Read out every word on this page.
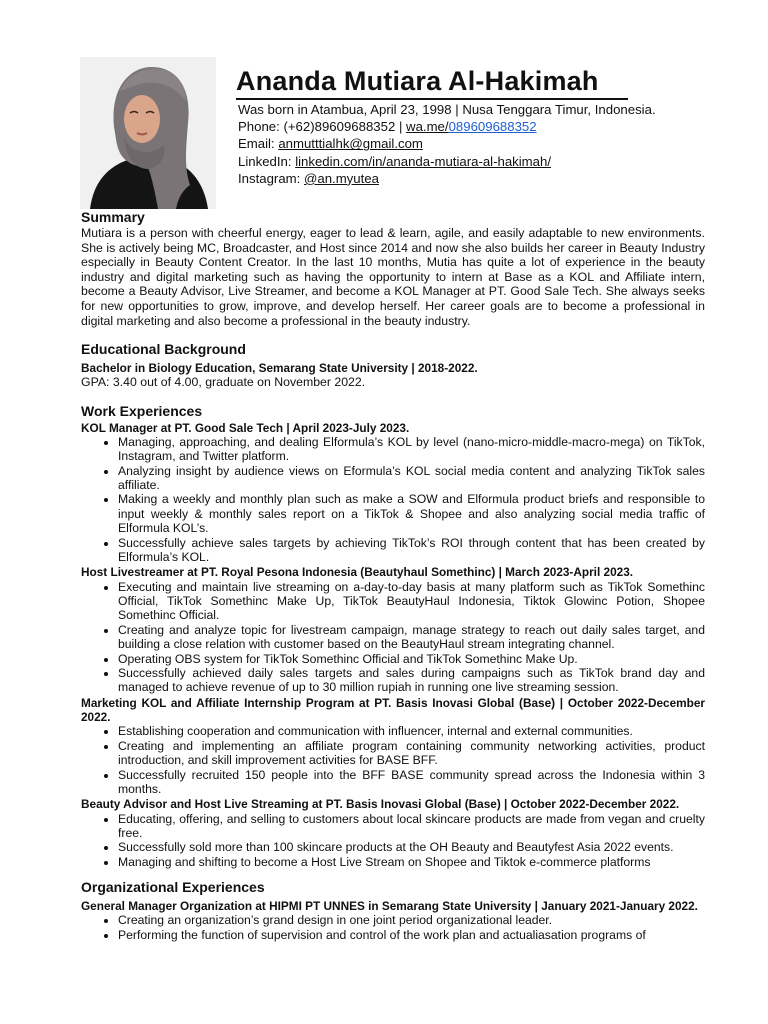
Ananda Mutiara Al-Hakimah
Was born in Atambua, April 23, 1998 | Nusa Tenggara Timur, Indonesia.
Phone: (+62)89609688352 | wa.me/089609688352
Email: anmutttialhk@gmail.com
LinkedIn: linkedin.com/in/ananda-mutiara-al-hakimah/
Instagram: @an.myutea
Summary

Mutiara is a person with cheerful energy, eager to lead & learn, agile, and easily adaptable to new environments. She is actively being MC, Broadcaster, and Host since 2014 and now she also builds her career in Beauty Industry especially in Beauty Content Creator. In the last 10 months, Mutia has quite a lot of experience in the beauty industry and digital marketing such as having the opportunity to intern at Base as a KOL and Affiliate intern, become a Beauty Advisor, Live Streamer, and become a KOL Manager at PT. Good Sale Tech. She always seeks for new opportunities to grow, improve, and develop herself. Her career goals are to become a professional in digital marketing and also become a professional in the beauty industry.

Educational Background
Bachelor in Biology Education, Semarang State University | 2018-2022.
GPA: 3.40 out of 4.00, graduate on November 2022.
Work Experiences
KOL Manager at PT. Good Sale Tech | April 2023-July 2023.
• Managing, approaching, and dealing Elformula’s KOL by level (nano-micro-middle-macro-mega) on TikTok, Instagram, and Twitter platform.
• Analyzing insight by audience views on Eformula’s KOL social media content and analyzing TikTok sales affiliate.
• Making a weekly and monthly plan such as make a SOW and Elformula product briefs and responsible to input weekly & monthly sales report on a TikTok & Shopee and also analyzing social media traffic of Elformula KOL’s.
• Successfully achieve sales targets by achieving TikTok’s ROI through content that has been created by Elformula’s KOL.
Host Livestreamer at PT. Royal Pesona Indonesia (Beautyhaul Somethinc) | March 2023-April 2023.
• Executing and maintain live streaming on a-day-to-day basis at many platform such as TikTok Somethinc Official, TikTok Somethinc Make Up, TikTok BeautyHaul Indonesia, Tiktok Glowinc Potion, Shopee Somethinc Official.
• Creating and analyze topic for livestream campaign, manage strategy to reach out daily sales target, and building a close relation with customer based on the BeautyHaul stream integrating channel.
• Operating OBS system for TikTok Somethinc Official and TikTok Somethinc Make Up.
• Successfully achieved daily sales targets and sales during campaigns such as TikTok brand day and managed to achieve revenue of up to 30 million rupiah in running one live streaming session.
Marketing KOL and Affiliate Internship Program at PT. Basis Inovasi Global (Base) | October 2022-December 2022.
• Establishing cooperation and communication with influencer, internal and external communities.
• Creating and implementing an affiliate program containing community networking activities, product introduction, and skill improvement activities for BASE BFF.
• Successfully recruited 150 people into the BFF BASE community spread across the Indonesia within 3 months.
Beauty Advisor and Host Live Streaming at PT. Basis Inovasi Global (Base) | October 2022-December 2022.
• Educating, offering, and selling to customers about local skincare products are made from vegan and cruelty free.
• Successfully sold more than 100 skincare products at the OH Beauty and Beautyfest Asia 2022 events.
• Managing and shifting to become a Host Live Stream on Shopee and Tiktok e-commerce platforms
Organizational Experiences
General Manager Organization at HIPMI PT UNNES in Semarang State University | January 2021-January 2022.
• Creating an organization’s grand design in one joint period organizational leader.
• Performing the function of supervision and control of the work plan and actualiasation programs of
